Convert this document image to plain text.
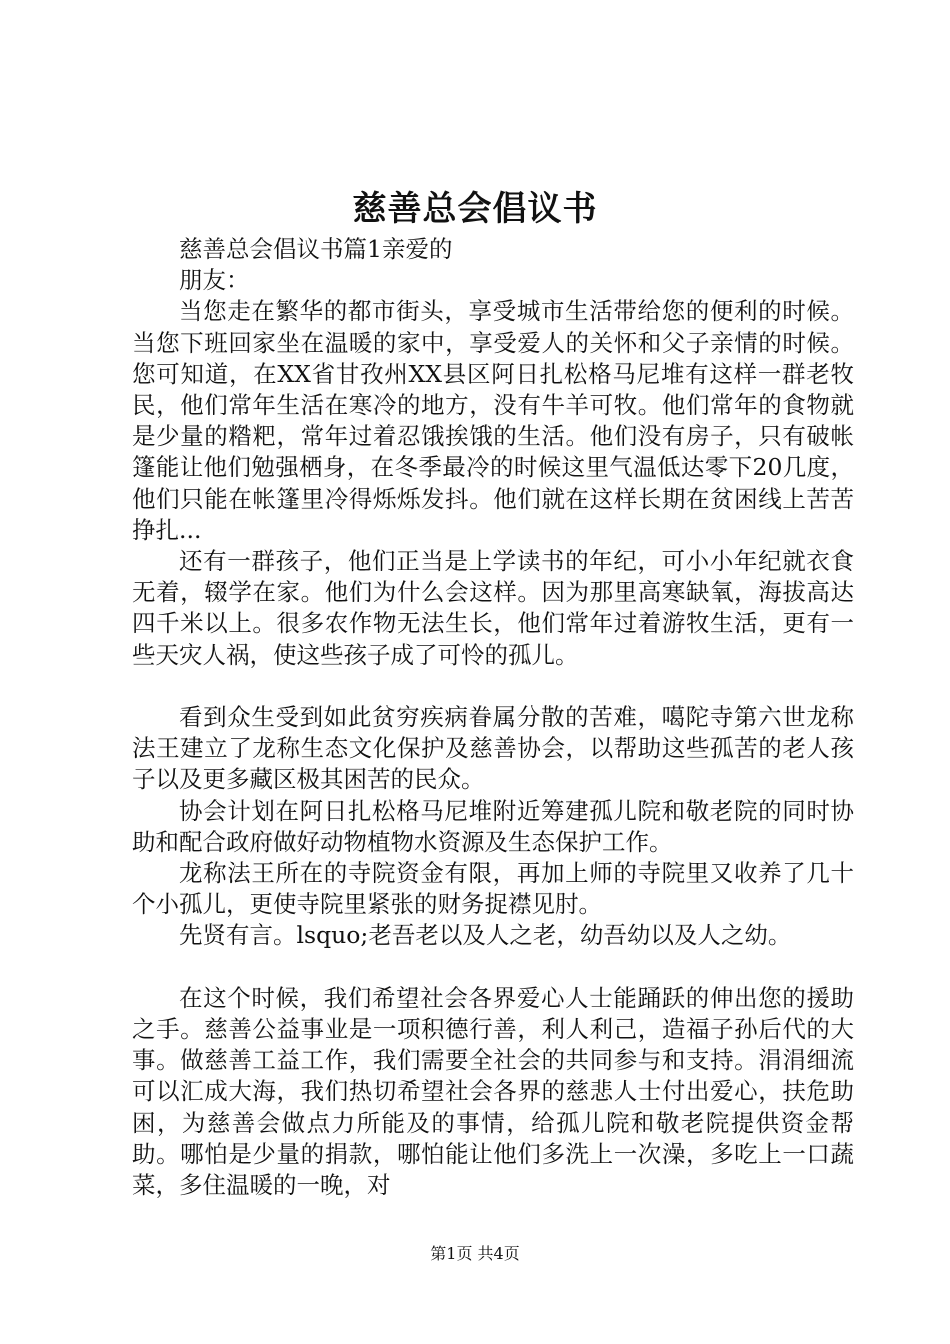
慈善总会倡议书

慈善总会倡议书篇1亲爱的

朋友：

当您走在繁华的都市街头，享受城市生活带给您的便利的时候。当您下班回家坐在温暖的家中，享受爱人的关怀和父子亲情的时候。您可知道，在XX省甘孜州XX县区阿日扎松格马尼堆有这样一群老牧民，他们常年生活在寒冷的地方，没有牛羊可牧。他们常年的食物就是少量的糌粑，常年过着忍饿挨饿的生活。他们没有房子，只有破帐篷能让他们勉强栖身，在冬季最冷的时候这里气温低达零下20几度，他们只能在帐篷里冷得烁烁发抖。他们就在这样长期在贫困线上苦苦挣扎...

还有一群孩子，他们正当是上学读书的年纪，可小小年纪就衣食无着，辍学在家。他们为什么会这样。因为那里高寒缺氧，海拔高达四千米以上。很多农作物无法生长，他们常年过着游牧生活，更有一些天灾人祸，使这些孩子成了可怜的孤儿。

看到众生受到如此贫穷疾病眷属分散的苦难，噶陀寺第六世龙称法王建立了龙称生态文化保护及慈善协会，以帮助这些孤苦的老人孩子以及更多藏区极其困苦的民众。

协会计划在阿日扎松格马尼堆附近筹建孤儿院和敬老院的同时协助和配合政府做好动物植物水资源及生态保护工作。

龙称法王所在的寺院资金有限，再加上师的寺院里又收养了几十个小孤儿，更使寺院里紧张的财务捉襟见肘。

先贤有言。lsquo;老吾老以及人之老，幼吾幼以及人之幼。

在这个时候，我们希望社会各界爱心人士能踊跃的伸出您的援助之手。慈善公益事业是一项积德行善，利人利己，造福子孙后代的大事。做慈善工益工作，我们需要全社会的共同参与和支持。涓涓细流可以汇成大海，我们热切希望社会各界的慈悲人士付出爱心，扶危助困，为慈善会做点力所能及的事情，给孤儿院和敬老院提供资金帮助。哪怕是少量的捐款，哪怕能让他们多洗上一次澡，多吃上一口蔬菜，多住温暖的一晚，对

第1页 共4页
